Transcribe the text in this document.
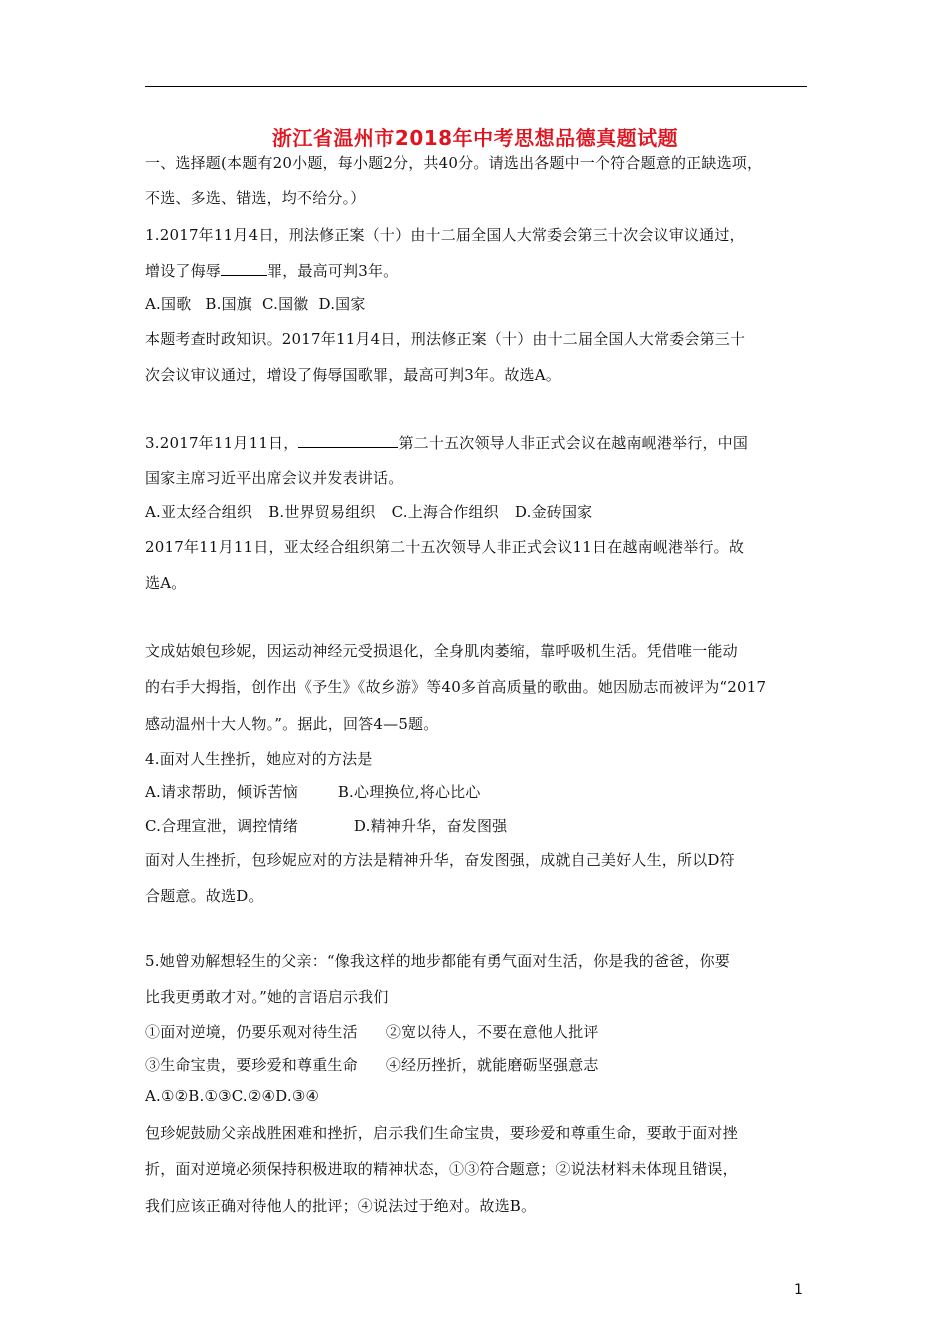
浙江省温州市2018年中考思想品德真题试题
一、选择题(本题有20小题，每小题2分，共40分。请选出各题中一个符合题意的正缺选项，
不选、多选、错选，均不给分。）
1.2017年11月4日，刑法修正案（十）由十二届全国人大常委会第三十次会议审议通过，
增设了侮辱	罪，最高可判3年。
A.国歌 B.国旗 C.国徽 D.国家
本题考查时政知识。2017年11月4日，刑法修正案（十）由十二届全国人大常委会第三十
次会议审议通过，增设了侮辱国歌罪，最高可判3年。故选A。
3.2017年11月11日，	第二十五次领导人非正式会议在越南岘港举行，中国
国家主席习近平出席会议并发表讲话。
A.亚太经合组织 B.世界贸易组织 C.上海合作组织 D.金砖国家
2017年11月11日，亚太经合组织第二十五次领导人非正式会议11日在越南岘港举行。故
选A。
文成姑娘包珍妮，因运动神经元受损退化，全身肌肉萎缩，靠呼吸机生活。凭借唯一能动
的右手大拇指，创作出《予生》《故乡游》等40多首高质量的歌曲。她因励志而被评为“2017
感动温州十大人物。”。据此，回答4—5题。
4.面对人生挫折，她应对的方法是
A.请求帮助，倾诉苦恼	B.心理换位,将心比心
C.合理宣泄，调控情绪	D.精神升华，奋发图强
面对人生挫折，包珍妮应对的方法是精神升华，奋发图强，成就自己美好人生，所以D符
合题意。故选D。
5.她曾劝解想轻生的父亲：“像我这样的地步都能有勇气面对生活，你是我的爸爸，你要
比我更勇敢才对。”她的言语启示我们
①面对逆境，仍要乐观对待生活 ②宽以待人，不要在意他人批评
③生命宝贵，要珍爱和尊重生命 ④经历挫折，就能磨砺坚强意志
A.①②B.①③C.②④D.③④
包珍妮鼓励父亲战胜困难和挫折，启示我们生命宝贵，要珍爱和尊重生命，要敢于面对挫
折，面对逆境必须保持积极进取的精神状态，①③符合题意；②说法材料未体现且错误，
我们应该正确对待他人的批评；④说法过于绝对。故选B。
1
